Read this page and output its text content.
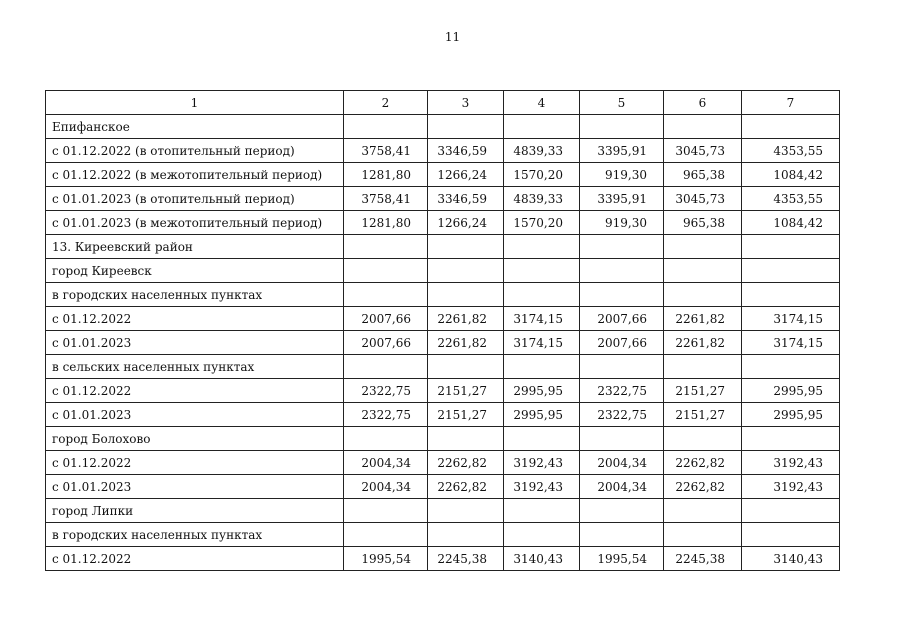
11
1	2	3	4	5	6	7
Епифанское						
с 01.12.2022 (в отопительный период)	3758,41	3346,59	4839,33	3395,91	3045,73	4353,55
с 01.12.2022 (в межотопительный период)	1281,80	1266,24	1570,20	919,30	965,38	1084,42
с 01.01.2023 (в отопительный период)	3758,41	3346,59	4839,33	3395,91	3045,73	4353,55
с 01.01.2023 (в межотопительный период)	1281,80	1266,24	1570,20	919,30	965,38	1084,42
13. Киреевский район						
город Киреевск						
в городских населенных пунктах						
с 01.12.2022	2007,66	2261,82	3174,15	2007,66	2261,82	3174,15
с 01.01.2023	2007,66	2261,82	3174,15	2007,66	2261,82	3174,15
в сельских населенных пунктах						
с 01.12.2022	2322,75	2151,27	2995,95	2322,75	2151,27	2995,95
с 01.01.2023	2322,75	2151,27	2995,95	2322,75	2151,27	2995,95
город Болохово						
с 01.12.2022	2004,34	2262,82	3192,43	2004,34	2262,82	3192,43
с 01.01.2023	2004,34	2262,82	3192,43	2004,34	2262,82	3192,43
город Липки						
в городских населенных пунктах						
с 01.12.2022	1995,54	2245,38	3140,43	1995,54	2245,38	3140,43
